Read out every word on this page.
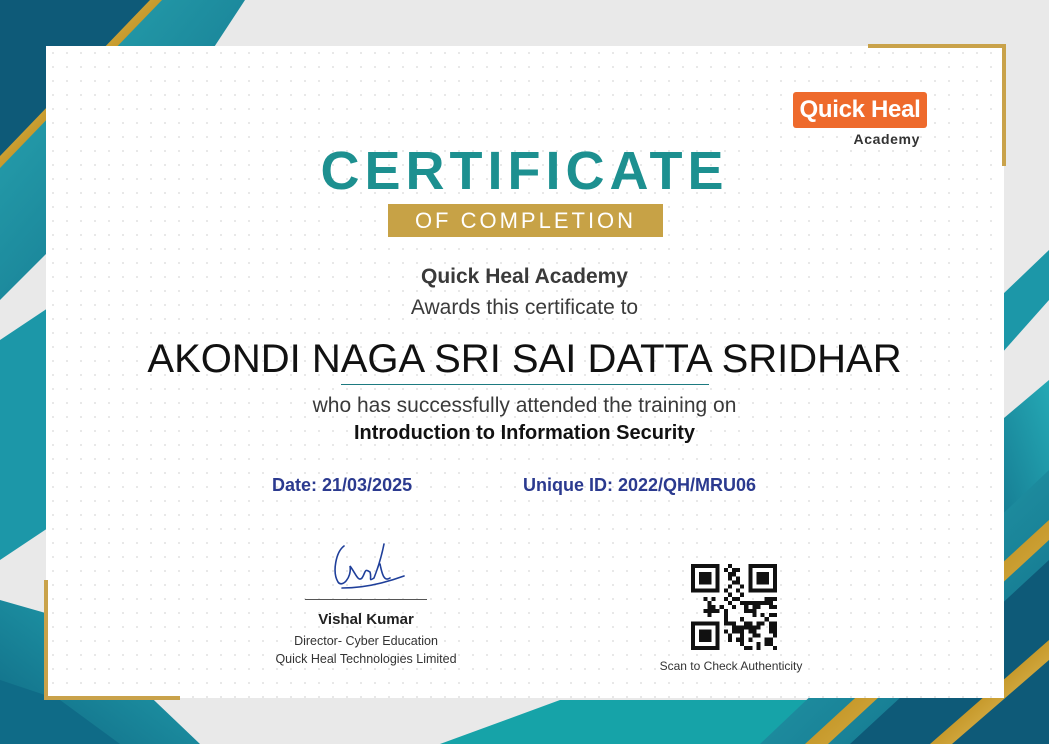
Quick Heal
Academy
CERTIFICATE
OF COMPLETION
Quick Heal Academy
Awards this certificate to
AKONDI NAGA SRI SAI DATTA SRIDHAR
who has successfully attended the training on
Introduction to Information Security
Date: 21/03/2025	Unique ID: 2022/QH/MRU06
Vishal Kumar
Director- Cyber Education
Quick Heal Technologies Limited	Scan to Check Authenticity
